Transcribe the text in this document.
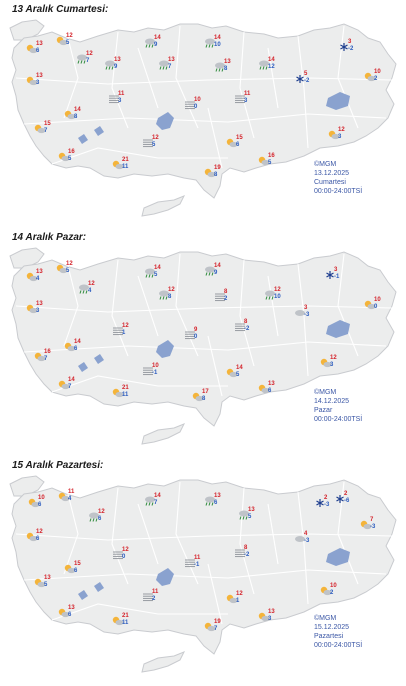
13 Aralık Cumartesi:
13
6
12
5
12
7	13
9
14
9
13
7
14
10
13
8
14
12
3
-2
10
2
13
3
11
3	10
0
11
3
5
-2
15
7
14
8
12
5
15
6
12
3
16
5	21
11	19
8
16
5	©MGM
13.12.2025
Cumartesi
00:00-24:00TSİ
14 Aralık Pazar:
13
4
12
5
12
4
14
5
12
8
14
9
8
2
12
10
3
-1
10
0
13
3
12
1	9
0
8
-2
3
-3
16
7
14
6
10
-1
14
5
12
3
14
7	21
11	17
8
13
6	©MGM
14.12.2025
Pazar
00:00-24:00TSİ
15 Aralık Pazartesi:
10
6
11
4
12
6
14
7
13
6
13
5
2
-3
2
-6
7
-3
12
6
12
0	11
-1
8
-2
4
-3
13
5
15
6
11
2
12
1
10
2
13
6	21
11	19
7
13
3	©MGM
15.12.2025
Pazartesi
00:00-24:00TSİ
